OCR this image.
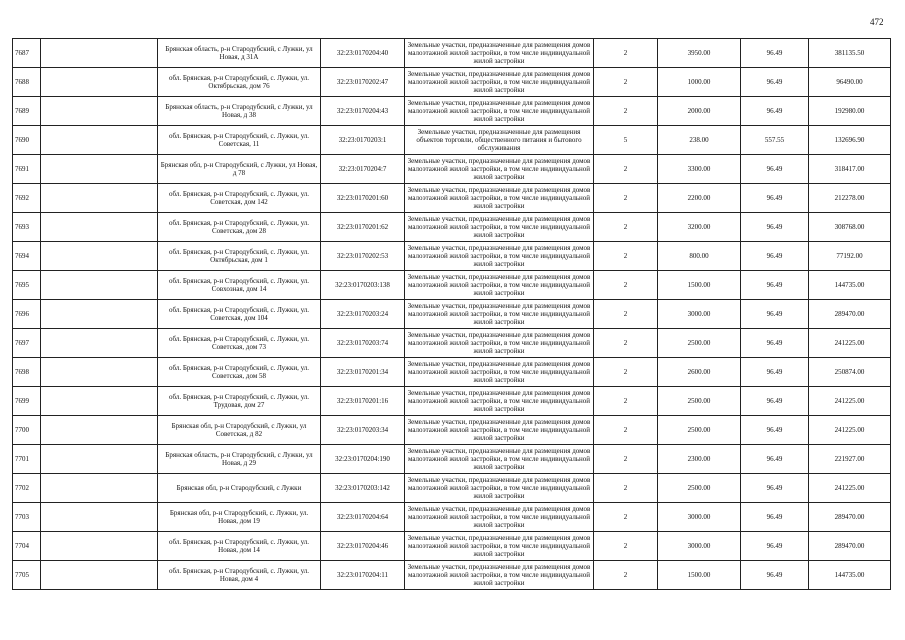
472
7687		Брянская область, р-н Стародубский, с Лужки, ул Новая, д 31А	32:23:0170204:40	Земельные участки, предназначенные для размещения домов малоэтажной жилой застройки, в том числе индивидуальной жилой застройки	2	3950.00	96.49	381135.50
7688		обл. Брянская, р-н Стародубский, с. Лужки, ул. Октябрьская, дом 76	32:23:0170202:47	Земельные участки, предназначенные для размещения домов малоэтажной жилой застройки, в том числе индивидуальной жилой застройки	2	1000.00	96.49	96490.00
7689		Брянская область, р-н Стародубский, с Лужки, ул Новая, д 38	32:23:0170204:43	Земельные участки, предназначенные для размещения домов малоэтажной жилой застройки, в том числе индивидуальной жилой застройки	2	2000.00	96.49	192980.00
7690		обл. Брянская, р-н Стародубский, с. Лужки, ул. Советская, 11	32:23:0170203:1	Земельные участки, предназначенные для размещения объектов торговли, общественного питания и бытового обслуживания	5	238.00	557.55	132696.90
7691		Брянская обл, р-н Стародубский, с Лужки, ул Новая, д 78	32:23:0170204:7	Земельные участки, предназначенные для размещения домов малоэтажной жилой застройки, в том числе индивидуальной жилой застройки	2	3300.00	96.49	318417.00
7692		обл. Брянская, р-н Стародубский, с. Лужки, ул. Советская, дом 142	32:23:0170201:60	Земельные участки, предназначенные для размещения домов малоэтажной жилой застройки, в том числе индивидуальной жилой застройки	2	2200.00	96.49	212278.00
7693		обл. Брянская, р-н Стародубский, с. Лужки, ул. Советская, дом 28	32:23:0170201:62	Земельные участки, предназначенные для размещения домов малоэтажной жилой застройки, в том числе индивидуальной жилой застройки	2	3200.00	96.49	308768.00
7694		обл. Брянская, р-н Стародубский, с. Лужки, ул. Октябрьская, дом 1	32:23:0170202:53	Земельные участки, предназначенные для размещения домов малоэтажной жилой застройки, в том числе индивидуальной жилой застройки	2	800.00	96.49	77192.00
7695		обл. Брянская, р-н Стародубский, с. Лужки, ул. Совхозная, дом 14	32:23:0170203:138	Земельные участки, предназначенные для размещения домов малоэтажной жилой застройки, в том числе индивидуальной жилой застройки	2	1500.00	96.49	144735.00
7696		обл. Брянская, р-н Стародубский, с. Лужки, ул. Советская, дом 104	32:23:0170203:24	Земельные участки, предназначенные для размещения домов малоэтажной жилой застройки, в том числе индивидуальной жилой застройки	2	3000.00	96.49	289470.00
7697		обл. Брянская, р-н Стародубский, с. Лужки, ул. Советская, дом 73	32:23:0170203:74	Земельные участки, предназначенные для размещения домов малоэтажной жилой застройки, в том числе индивидуальной жилой застройки	2	2500.00	96.49	241225.00
7698		обл. Брянская, р-н Стародубский, с. Лужки, ул. Советская, дом 58	32:23:0170201:34	Земельные участки, предназначенные для размещения домов малоэтажной жилой застройки, в том числе индивидуальной жилой застройки	2	2600.00	96.49	250874.00
7699		обл. Брянская, р-н Стародубский, с. Лужки, ул. Трудовая, дом 27	32:23:0170201:16	Земельные участки, предназначенные для размещения домов малоэтажной жилой застройки, в том числе индивидуальной жилой застройки	2	2500.00	96.49	241225.00
7700		Брянская обл, р-н Стародубский, с Лужки, ул Советская, д 82	32:23:0170203:34	Земельные участки, предназначенные для размещения домов малоэтажной жилой застройки, в том числе индивидуальной жилой застройки	2	2500.00	96.49	241225.00
7701		Брянская область, р-н Стародубский, с Лужки, ул Новая, д 29	32:23:0170204:190	Земельные участки, предназначенные для размещения домов малоэтажной жилой застройки, в том числе индивидуальной жилой застройки	2	2300.00	96.49	221927.00
7702		Брянская обл, р-н Стародубский, с Лужки	32:23:0170203:142	Земельные участки, предназначенные для размещения домов малоэтажной жилой застройки, в том числе индивидуальной жилой застройки	2	2500.00	96.49	241225.00
7703		Брянская обл, р-н Стародубский, с. Лужки, ул. Новая, дом 19	32:23:0170204:64	Земельные участки, предназначенные для размещения домов малоэтажной жилой застройки, в том числе индивидуальной жилой застройки	2	3000.00	96.49	289470.00
7704		обл. Брянская, р-н Стародубский, с. Лужки, ул. Новая, дом 14	32:23:0170204:46	Земельные участки, предназначенные для размещения домов малоэтажной жилой застройки, в том числе индивидуальной жилой застройки	2	3000.00	96.49	289470.00
7705		обл. Брянская, р-н Стародубский, с. Лужки, ул. Новая, дом 4	32:23:0170204:11	Земельные участки, предназначенные для размещения домов малоэтажной жилой застройки, в том числе индивидуальной жилой застройки	2	1500.00	96.49	144735.00
